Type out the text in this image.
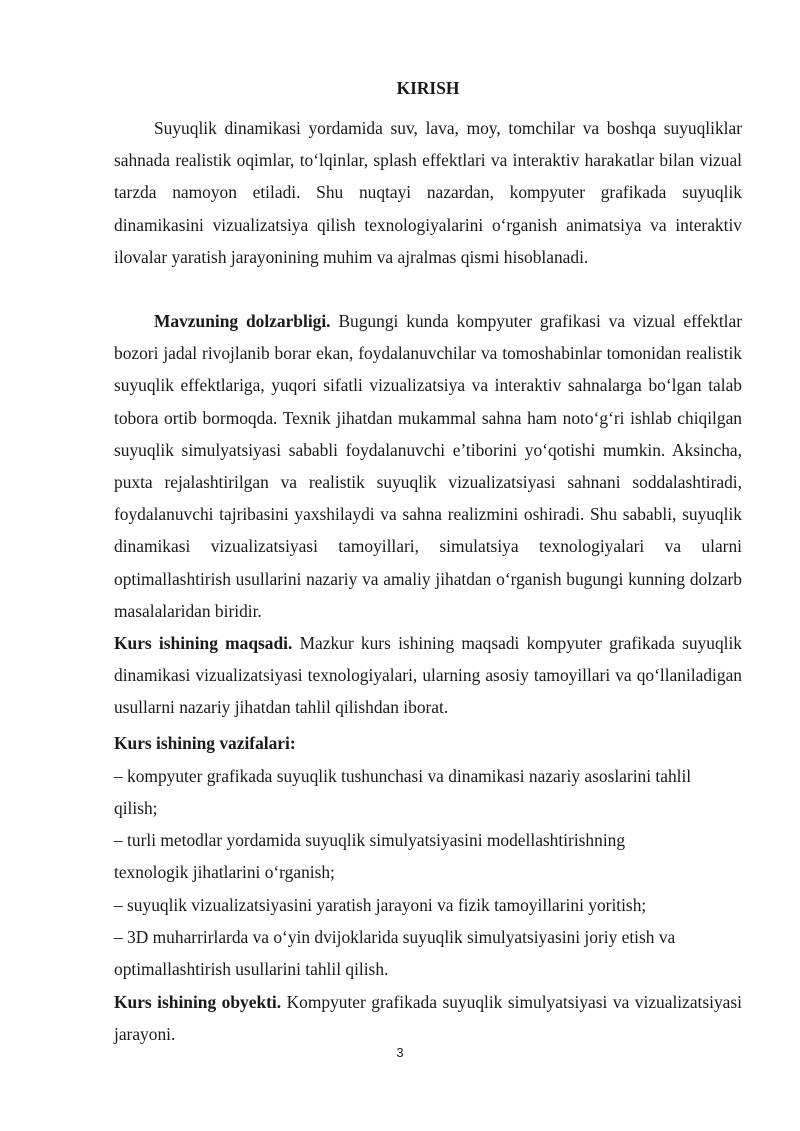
KIRISH

Suyuqlik dinamikasi yordamida suv, lava, moy, tomchilar va boshqa suyuqliklar sahnada realistik oqimlar, to‘lqinlar, splash effektlari va interaktiv harakatlar bilan vizual tarzda namoyon etiladi. Shu nuqtayi nazardan, kompyuter grafikada suyuqlik dinamikasini vizualizatsiya qilish texnologiyalarini o‘rganish animatsiya va interaktiv ilovalar yaratish jarayonining muhim va ajralmas qismi hisoblanadi.

Mavzuning dolzarbligi. Bugungi kunda kompyuter grafikasi va vizual effektlar bozori jadal rivojlanib borar ekan, foydalanuvchilar va tomoshabinlar tomonidan realistik suyuqlik effektlariga, yuqori sifatli vizualizatsiya va interaktiv sahnalarga bo‘lgan talab tobora ortib bormoqda. Texnik jihatdan mukammal sahna ham noto‘g‘ri ishlab chiqilgan suyuqlik simulyatsiyasi sababli foydalanuvchi e’tiborini yo‘qotishi mumkin. Aksincha, puxta rejalashtirilgan va realistik suyuqlik vizualizatsiyasi sahnani soddalashtiradi, foydalanuvchi tajribasini yaxshilaydi va sahna realizmini oshiradi. Shu sababli, suyuqlik dinamikasi vizualizatsiyasi tamoyillari, simulatsiya texnologiyalari va ularni optimallashtirish usullarini nazariy va amaliy jihatdan o‘rganish bugungi kunning dolzarb masalalaridan biridir.

Kurs ishining maqsadi. Mazkur kurs ishining maqsadi kompyuter grafikada suyuqlik dinamikasi vizualizatsiyasi texnologiyalari, ularning asosiy tamoyillari va qo‘llaniladigan usullarni nazariy jihatdan tahlil qilishdan iborat.

Kurs ishining vazifalari:

– kompyuter grafikada suyuqlik tushunchasi va dinamikasi nazariy asoslarini tahlil

qilish;

– turli metodlar yordamida suyuqlik simulyatsiyasini modellashtirishning

texnologik jihatlarini o‘rganish;

– suyuqlik vizualizatsiyasini yaratish jarayoni va fizik tamoyillarini yoritish;

– 3D muharrirlarda va o‘yin dvijoklarida suyuqlik simulyatsiyasini joriy etish va

optimallashtirish usullarini tahlil qilish.

Kurs ishining obyekti. Kompyuter grafikada suyuqlik simulyatsiyasi va vizualizatsiyasi jarayoni.

3
